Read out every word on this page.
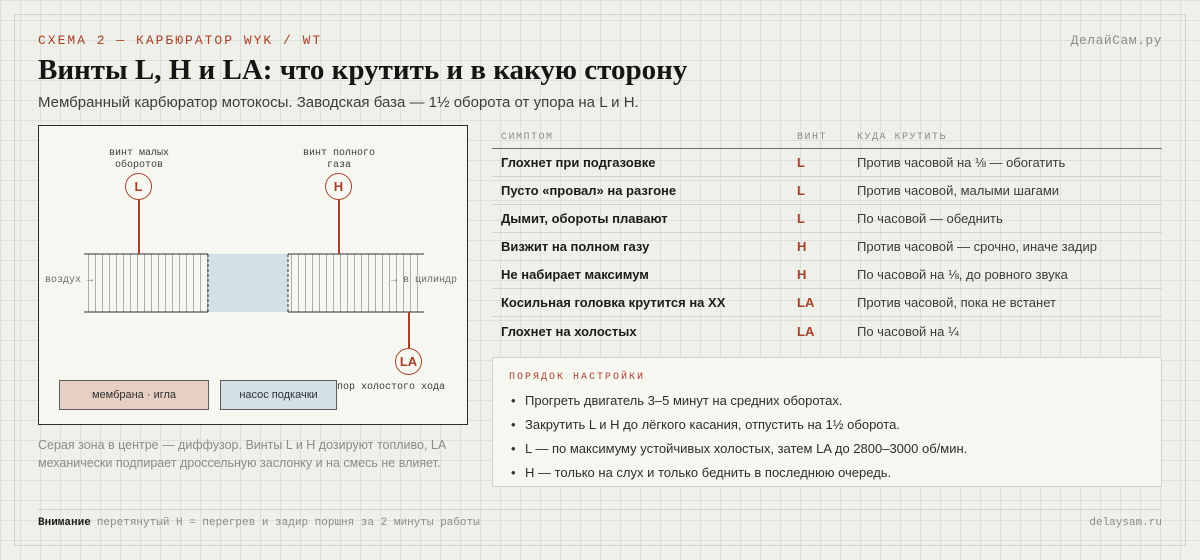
СХЕМА 2 — КАРБЮРАТОР WYK / WT	ДелайСам.ру
Винты L, H и LA: что крутить и в какую сторону
Мембранный карбюратор мотокосы. Заводская база — 1½ оборота от упора на L и H.
винт малых
оборотов
винт полного
газа
L	H
LA
воздух →	→ в цилиндр
пор холостого хода
мембрана · игла	насос подкачки
Серая зона в центре — диффузор. Винты L и H дозируют топливо, LA механически подпирает дроссельную заслонку и на смесь не влияет.
СИМПТОМ	ВИНТ	КУДА КРУТИТЬ
Глохнет при подгазовке	L	Против часовой на ⅛ — обогатить
Пусто «провал» на разгоне	L	Против часовой, малыми шагами
Дымит, обороты плавают	L	По часовой — обеднить
Визжит на полном газу	H	Против часовой — срочно, иначе задир
Не набирает максимум	H	По часовой на ⅛, до ровного звука
Косильная головка крутится на ХХ	LA	Против часовой, пока не встанет
Глохнет на холостых	LA	По часовой на ¼
ПОРЯДОК НАСТРОЙКИ
• Прогреть двигатель 3–5 минут на средних оборотах.
• Закрутить L и H до лёгкого касания, отпустить на 1½ оборота.
• L — по максимуму устойчивых холостых, затем LA до 2800–3000 об/мин.
• H — только на слух и только беднить в последнюю очередь.
Внимание перетянутый H = перегрев и задир поршня за 2 минуты работы	delaysam.ru
